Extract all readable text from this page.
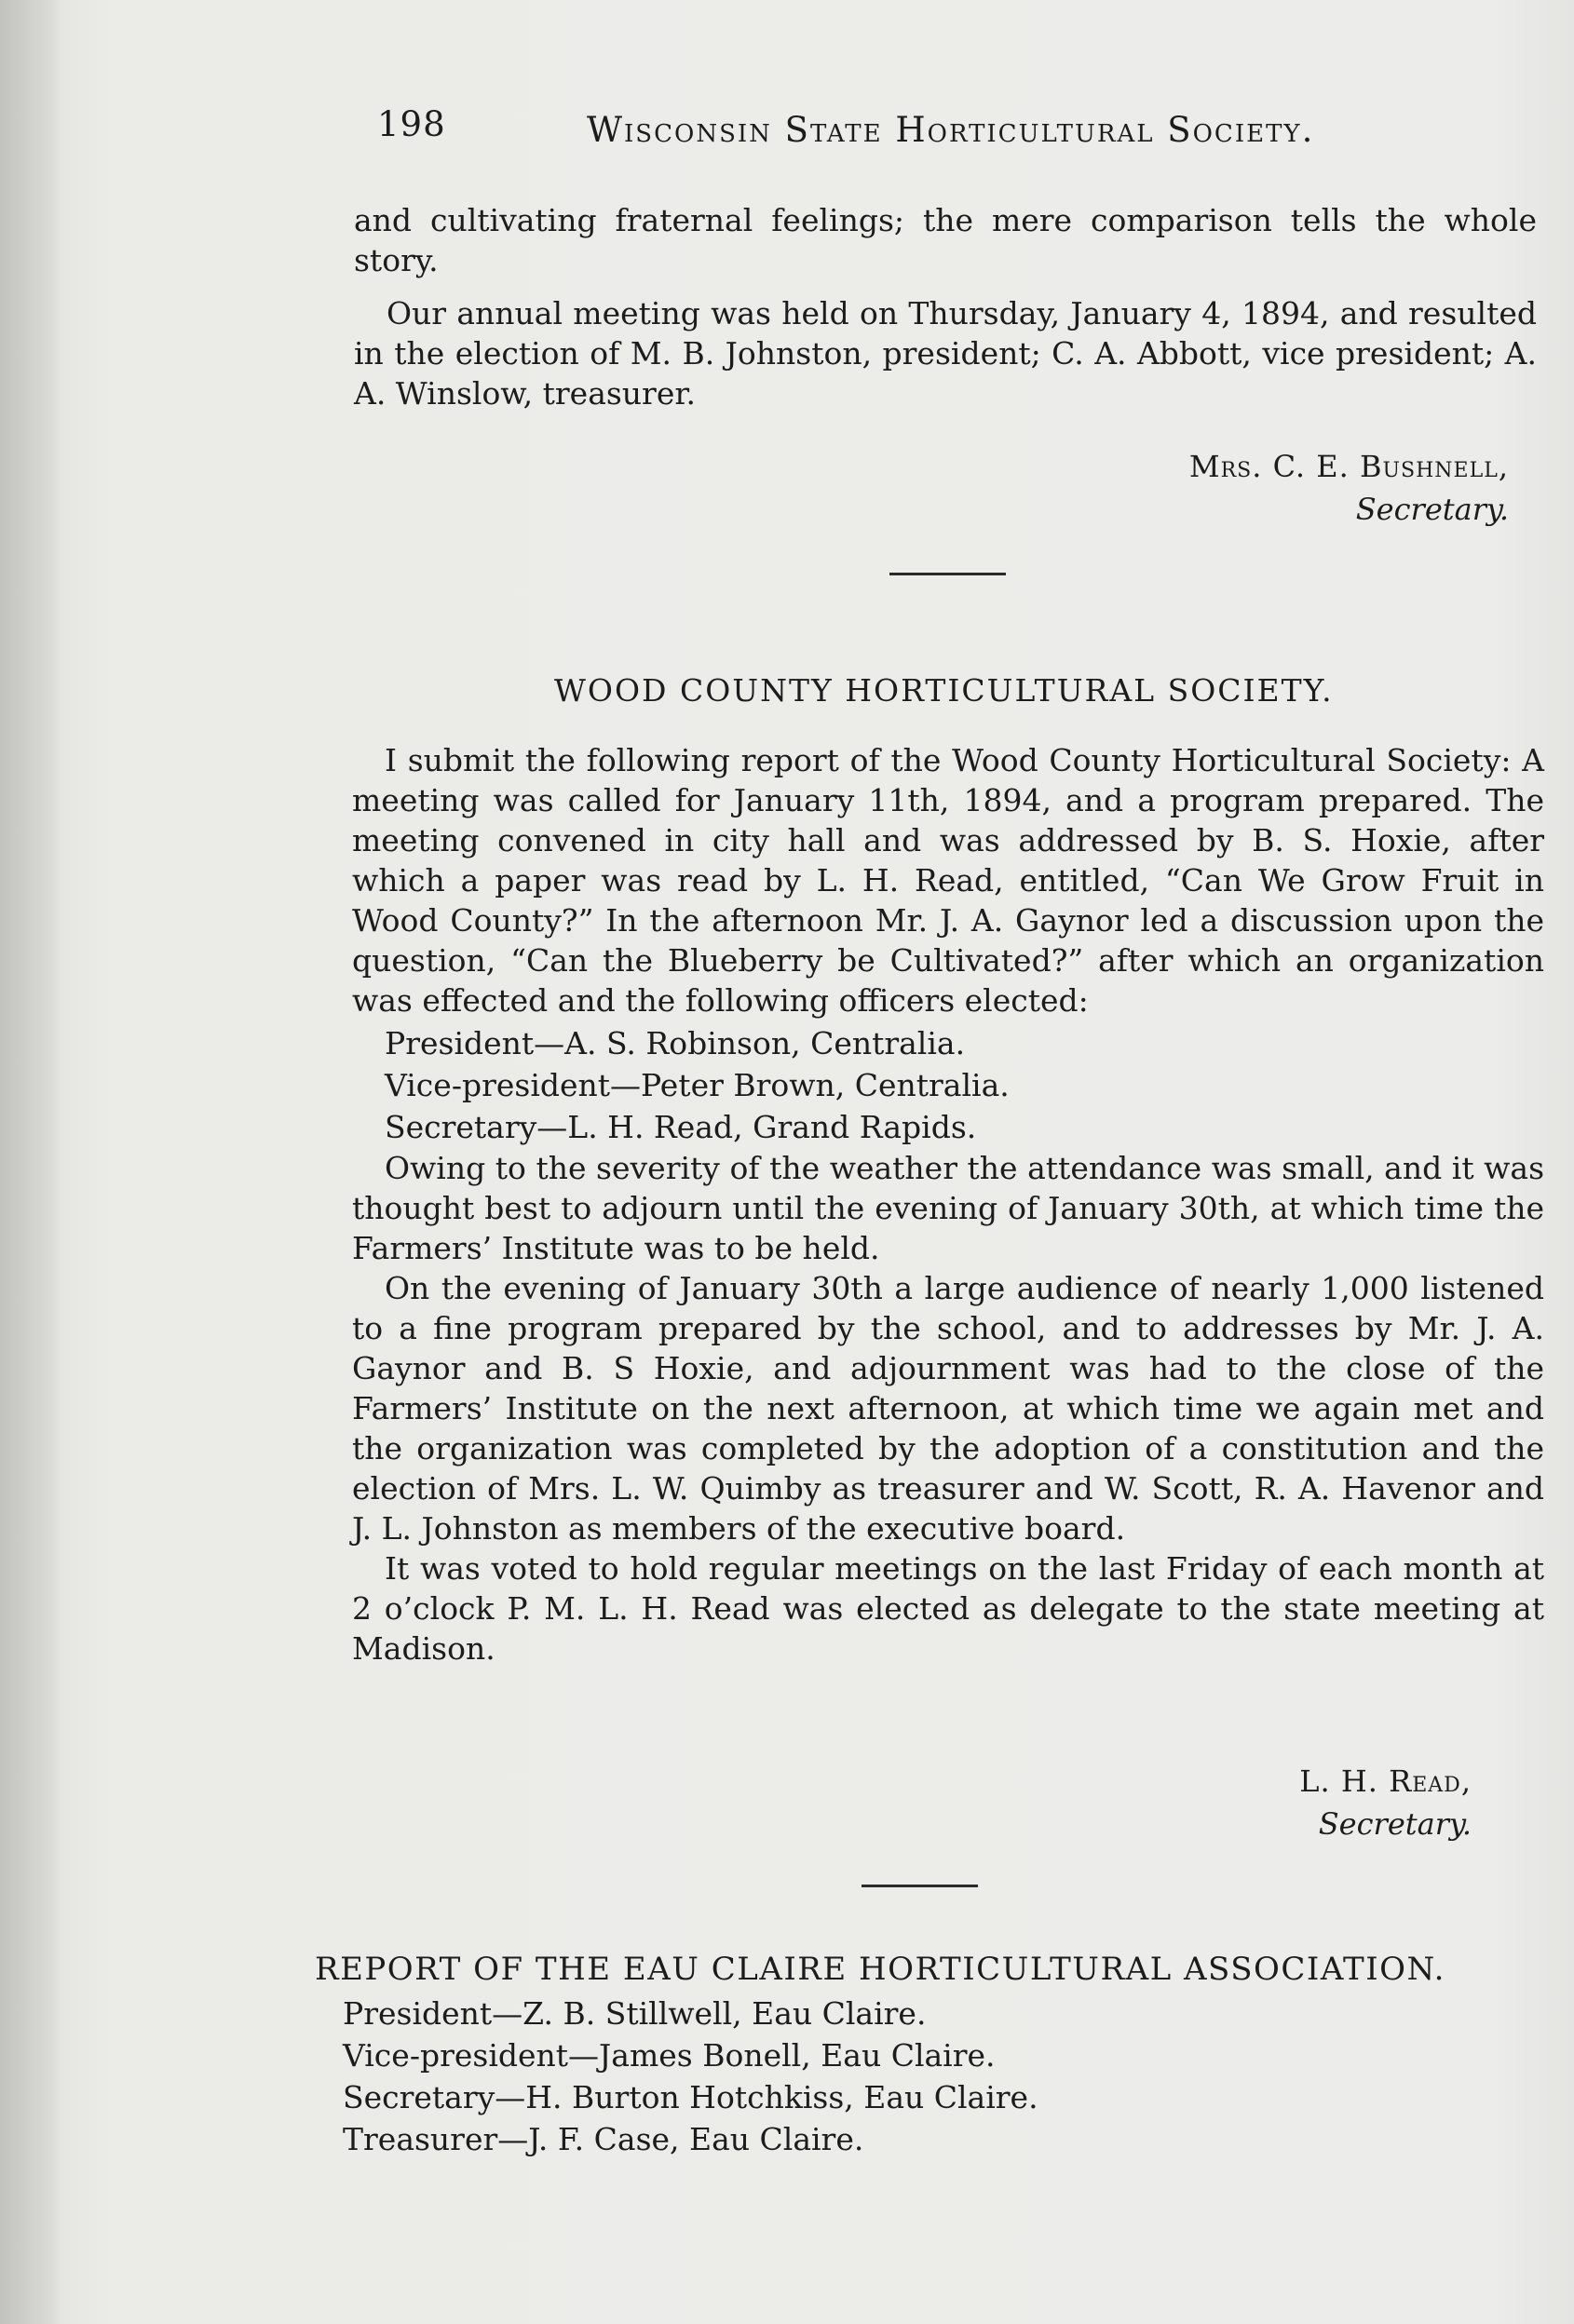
198	Wisconsin State Horticultural Society.

and cultivating fraternal feelings; the mere comparison tells the whole story.

Our annual meeting was held on Thursday, January 4, 1894, and resulted in the election of M. B. Johnston, president; C. A. Abbott, vice president; A. A. Winslow, treasurer.

Mrs. C. E. Bushnell,
Secretary.
WOOD COUNTY HORTICULTURAL SOCIETY.

I submit the following report of the Wood County Horticultural Society: A meeting was called for January 11th, 1894, and a program prepared. The meeting convened in city hall and was addressed by B. S. Hoxie, after which a paper was read by L. H. Read, entitled, “Can We Grow Fruit in Wood County?” In the afternoon Mr. J. A. Gaynor led a discussion upon the question, “Can the Blueberry be Cultivated?” after which an organization was effected and the following officers elected:

President—A. S. Robinson, Centralia.

Vice-president—Peter Brown, Centralia.

Secretary—L. H. Read, Grand Rapids.

Owing to the severity of the weather the attendance was small, and it was thought best to adjourn until the evening of January 30th, at which time the Farmers’ Institute was to be held.

On the evening of January 30th a large audience of nearly 1,000 listened to a fine program prepared by the school, and to addresses by Mr. J. A. Gaynor and B. S Hoxie, and adjournment was had to the close of the Farmers’ Institute on the next afternoon, at which time we again met and the organization was completed by the adoption of a constitution and the election of Mrs. L. W. Quimby as treasurer and W. Scott, R. A. Havenor and J. L. Johnston as members of the executive board.

It was voted to hold regular meetings on the last Friday of each month at 2 o’clock P. M. L. H. Read was elected as delegate to the state meeting at Madison.

L. H. Read,
Secretary.
REPORT OF THE EAU CLAIRE HORTICULTURAL ASSOCIATION.

President—Z. B. Stillwell, Eau Claire.

Vice-president—James Bonell, Eau Claire.

Secretary—H. Burton Hotchkiss, Eau Claire.

Treasurer—J. F. Case, Eau Claire.
